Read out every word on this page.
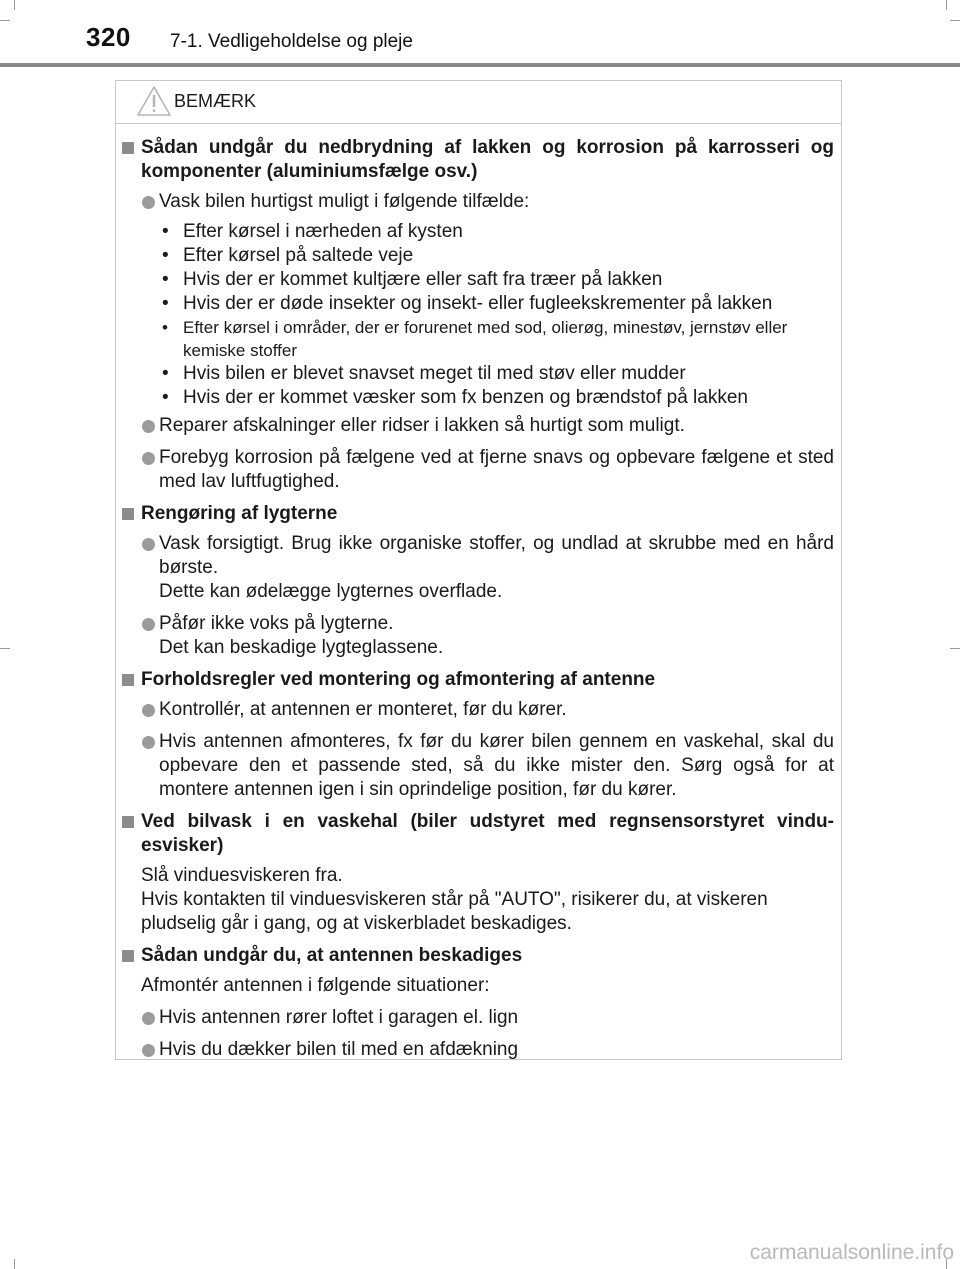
320 7-1. Vedligeholdelse og pleje
BEMÆRK
Sådan undgår du nedbrydning af lakken og korrosion på karrosseri og komponenter (aluminiumsfælge osv.)
Vask bilen hurtigst muligt i følgende tilfælde:
• Efter kørsel i nærheden af kysten
• Efter kørsel på saltede veje
• Hvis der er kommet kultjære eller saft fra træer på lakken
• Hvis der er døde insekter og insekt- eller fugleekskrementer på lakken
• Efter kørsel i områder, der er forurenet med sod, olierøg, minestøv, jernstøv eller kemiske stoffer
• Hvis bilen er blevet snavset meget til med støv eller mudder
• Hvis der er kommet væsker som fx benzen og brændstof på lakken
Reparer afskalninger eller ridser i lakken så hurtigt som muligt.
Forebyg korrosion på fælgene ved at fjerne snavs og opbevare fælgene et sted med lav luftfugtighed.
Rengøring af lygterne
Vask forsigtigt. Brug ikke organiske stoffer, og undlad at skrubbe med en hård børste.
Dette kan ødelægge lygternes overflade.
Påfør ikke voks på lygterne.
Det kan beskadige lygteglassene.
Forholdsregler ved montering og afmontering af antenne
Kontrollér, at antennen er monteret, før du kører.
Hvis antennen afmonteres, fx før du kører bilen gennem en vaskehal, skal du opbevare den et passende sted, så du ikke mister den. Sørg også for at montere antennen igen i sin oprindelige position, før du kører.
Ved bilvask i en vaskehal (biler udstyret med regnsensorstyret vindu-esvisker)
Slå vinduesviskeren fra.
Hvis kontakten til vinduesviskeren står på "AUTO", risikerer du, at viskeren pludselig går i gang, og at viskerbladet beskadiges.
Sådan undgår du, at antennen beskadiges
Afmontér antennen i følgende situationer:
Hvis antennen rører loftet i garagen el. lign
Hvis du dækker bilen til med en afdækning
carmanualsonline.info
